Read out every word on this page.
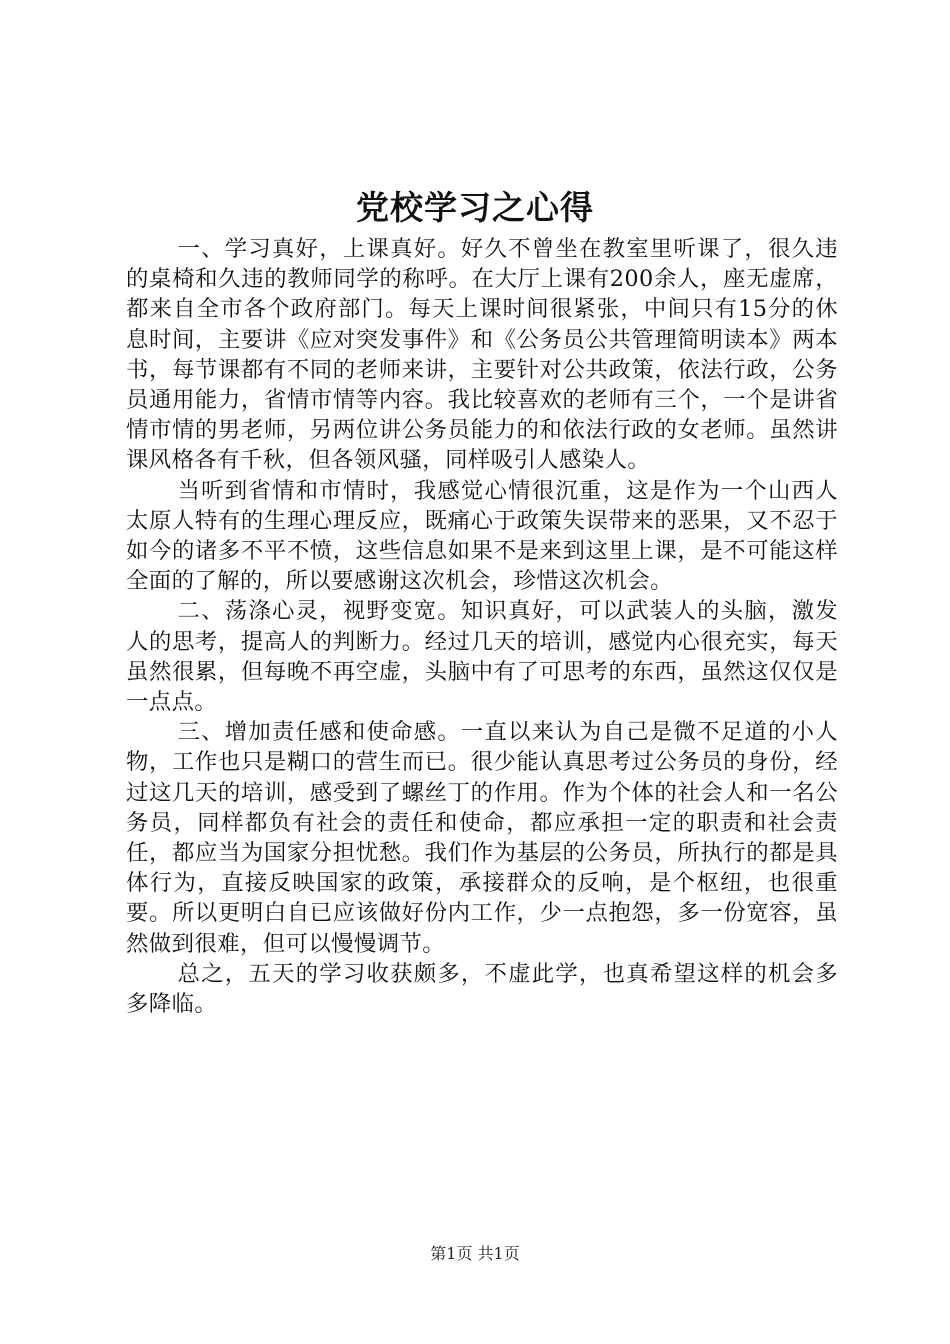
党校学习之心得

一、学习真好，上课真好。好久不曾坐在教室里听课了，很久违的桌椅和久违的教师同学的称呼。在大厅上课有200余人，座无虚席，都来自全市各个政府部门。每天上课时间很紧张，中间只有15分的休息时间，主要讲《应对突发事件》和《公务员公共管理简明读本》两本书，每节课都有不同的老师来讲，主要针对公共政策，依法行政，公务员通用能力，省情市情等内容。我比较喜欢的老师有三个，一个是讲省情市情的男老师，另两位讲公务员能力的和依法行政的女老师。虽然讲课风格各有千秋，但各领风骚，同样吸引人感染人。

当听到省情和市情时，我感觉心情很沉重，这是作为一个山西人太原人特有的生理心理反应，既痛心于政策失误带来的恶果，又不忍于如今的诸多不平不愤，这些信息如果不是来到这里上课，是不可能这样全面的了解的，所以要感谢这次机会，珍惜这次机会。

二、荡涤心灵，视野变宽。知识真好，可以武装人的头脑，激发人的思考，提高人的判断力。经过几天的培训，感觉内心很充实，每天虽然很累，但每晚不再空虚，头脑中有了可思考的东西，虽然这仅仅是一点点。

三、增加责任感和使命感。一直以来认为自己是微不足道的小人物，工作也只是糊口的营生而已。很少能认真思考过公务员的身份，经过这几天的培训，感受到了螺丝丁的作用。作为个体的社会人和一名公务员，同样都负有社会的责任和使命，都应承担一定的职责和社会责任，都应当为国家分担忧愁。我们作为基层的公务员，所执行的都是具体行为，直接反映国家的政策，承接群众的反响，是个枢纽，也很重要。所以更明白自已应该做好份内工作，少一点抱怨，多一份宽容，虽然做到很难，但可以慢慢调节。

总之，五天的学习收获颇多，不虚此学，也真希望这样的机会多多降临。

第1页 共1页
